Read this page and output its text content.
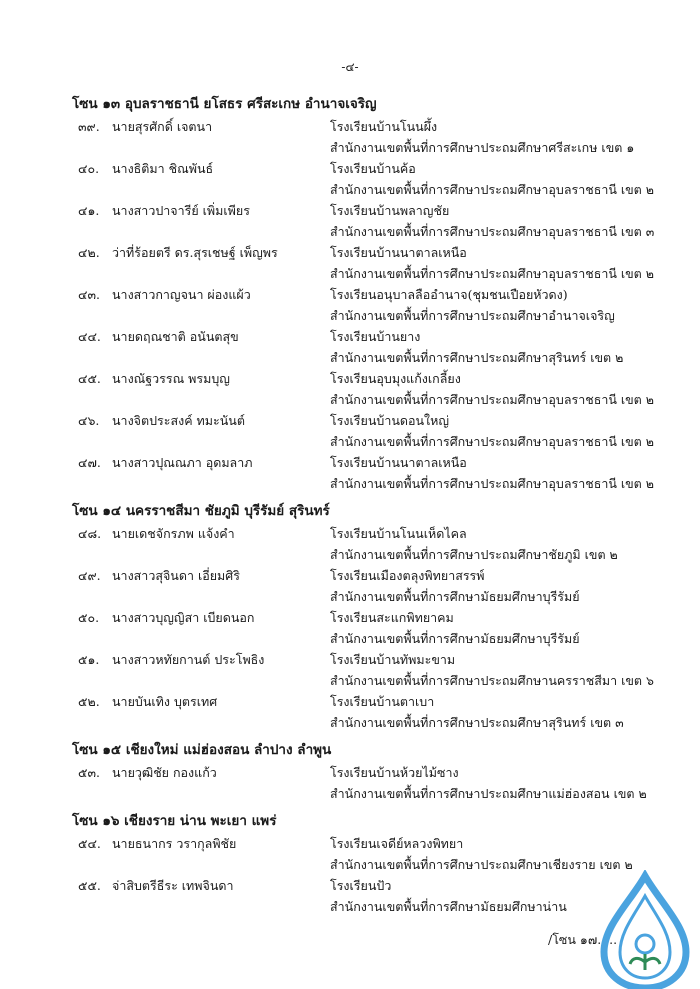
-๔-
โซน ๑๓ อุบลราชธานี ยโสธร ศรีสะเกษ อำนาจเจริญ
๓๙. นายสุรศักดิ์ เจตนา	โรงเรียนบ้านโนนผึ้ง
สำนักงานเขตพื้นที่การศึกษาประถมศึกษาศรีสะเกษ เขต ๑
๔๐. นางธิติมา ชิณพันธ์	โรงเรียนบ้านค้อ
สำนักงานเขตพื้นที่การศึกษาประถมศึกษาอุบลราชธานี เขต ๒
๔๑. นางสาวปาจารีย์ เพิ่มเพียร	โรงเรียนบ้านพลาญชัย
สำนักงานเขตพื้นที่การศึกษาประถมศึกษาอุบลราชธานี เขต ๓
๔๒. ว่าที่ร้อยตรี ดร.สุรเชษฐ์ เพ็ญพร	โรงเรียนบ้านนาตาลเหนือ
สำนักงานเขตพื้นที่การศึกษาประถมศึกษาอุบลราชธานี เขต ๒
๔๓. นางสาวกาญจนา ผ่องแผ้ว	โรงเรียนอนุบาลลืออำนาจ(ชุมชนเปือยหัวดง)
สำนักงานเขตพื้นที่การศึกษาประถมศึกษาอำนาจเจริญ
๔๔. นายดฤณชาติ อนันตสุข	โรงเรียนบ้านยาง
สำนักงานเขตพื้นที่การศึกษาประถมศึกษาสุรินทร์ เขต ๒
๔๕. นางณัฐวรรณ พรมบุญ	โรงเรียนอุบมุงแก้งเกลี้ยง
สำนักงานเขตพื้นที่การศึกษาประถมศึกษาอุบลราชธานี เขต ๒
๔๖. นางจิตประสงค์ ทมะนันต์	โรงเรียนบ้านดอนใหญ่
สำนักงานเขตพื้นที่การศึกษาประถมศึกษาอุบลราชธานี เขต ๒
๔๗. นางสาวปุณณภา อุดมลาภ	โรงเรียนบ้านนาตาลเหนือ
สำนักงานเขตพื้นที่การศึกษาประถมศึกษาอุบลราชธานี เขต ๒
โซน ๑๔ นครราชสีมา ชัยภูมิ บุรีรัมย์ สุรินทร์
๔๘. นายเดชจักรภพ แจ้งคำ	โรงเรียนบ้านโนนเห็ดไคล
สำนักงานเขตพื้นที่การศึกษาประถมศึกษาชัยภูมิ เขต ๒
๔๙. นางสาวสุจินดา เอี่ยมศิริ	โรงเรียนเมืองตลุงพิทยาสรรพ์
สำนักงานเขตพื้นที่การศึกษามัธยมศึกษาบุรีรัมย์
๕๐. นางสาวบุญญิสา เบียดนอก	โรงเรียนสะแกพิทยาคม
สำนักงานเขตพื้นที่การศึกษามัธยมศึกษาบุรีรัมย์
๕๑. นางสาวหทัยกานต์ ประโพธิง	โรงเรียนบ้านทัพมะขาม
สำนักงานเขตพื้นที่การศึกษาประถมศึกษานครราชสีมา เขต ๖
๕๒. นายบันเทิง บุตรเทศ	โรงเรียนบ้านตาเบา
สำนักงานเขตพื้นที่การศึกษาประถมศึกษาสุรินทร์ เขต ๓
โซน ๑๕ เชียงใหม่ แม่ฮ่องสอน ลำปาง ลำพูน
๕๓. นายวุฒิชัย กองแก้ว	โรงเรียนบ้านห้วยไม้ซาง
สำนักงานเขตพื้นที่การศึกษาประถมศึกษาแม่ฮ่องสอน เขต ๒
โซน ๑๖ เชียงราย น่าน พะเยา แพร่
๕๔. นายธนากร วรากุลพิชัย	โรงเรียนเจดีย์หลวงพิทยา
สำนักงานเขตพื้นที่การศึกษาประถมศึกษาเชียงราย เขต ๒
๕๕. จ่าสิบตรีธีระ เทพจินดา	โรงเรียนปัว
สำนักงานเขตพื้นที่การศึกษามัธยมศึกษาน่าน
/โซน ๑๗.....
